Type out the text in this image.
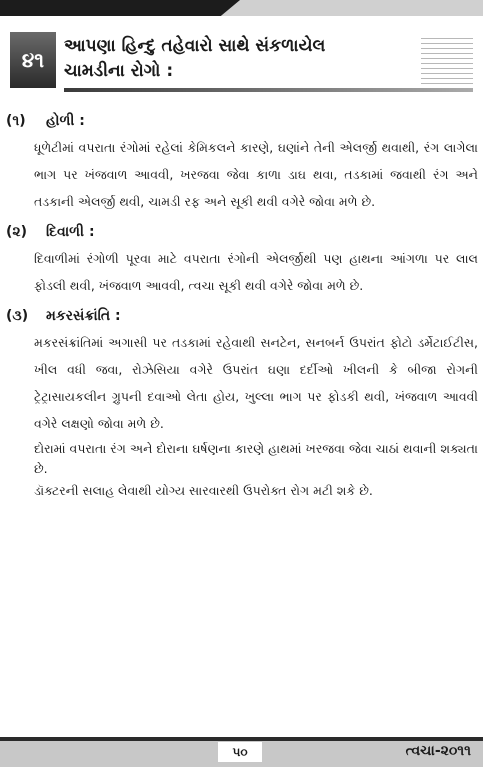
૪૧
આપણા હિન્દુ તહેવારો સાથે સંકળાયેલ
ચામડીના રોગો :
(૧)	હોળી :

ધૂળેટીમાં વપરાતા રંગોમાં રહેલાં કેમિકલને કારણે, ઘણાંને તેની એલર્જી થવાથી, રંગ લાગેલા ભાગ પર ખંજવાળ આવવી, ખરજવા જેવા કાળા ડાઘ થવા, તડકામાં જવાથી રંગ અને તડકાની એલર્જી થવી, ચામડી રફ અને સૂકી થવી વગેરે જોવા મળે છે.

(૨)	દિવાળી :

દિવાળીમાં રંગોળી પૂરવા માટે વપરાતા રંગોની એલર્જીથી પણ હાથના આંગળા પર લાલ ફોડલી થવી, ખંજવાળ આવવી, ત્વચા સૂકી થવી વગેરે જોવા મળે છે.

(૩)	મકરસંક્રાંતિ :

મકરસંક્રાંતિમાં અગાસી પર તડકામાં રહેવાથી સનટેન, સનબર્ન ઉપરાંત ફોટો ડર્મેટાઈટીસ, ખીલ વધી જવા, રોઝેસિયા વગેરે ઉપરાંત ઘણા દર્દીઓ ખીલની કે બીજા રોગની ટ્રેટ્રાસાયકલીન ગ્રુપની દવાઓ લેતા હોય, ખુલ્લા ભાગ પર ફોડકી થવી, ખંજવાળ આવવી વગેરે લક્ષણો જોવા મળે છે.

દોરામાં વપરાતા રંગ અને દોરાના ઘર્ષણના કારણે હાથમાં ખરજવા જેવા ચાઠાં થવાની શક્યતા છે.

ડૉક્ટરની સલાહ લેવાથી યોગ્ય સારવારથી ઉપરોક્ત રોગ મટી શકે છે.

૫૦	ત્વચા-૨૦૧૧
